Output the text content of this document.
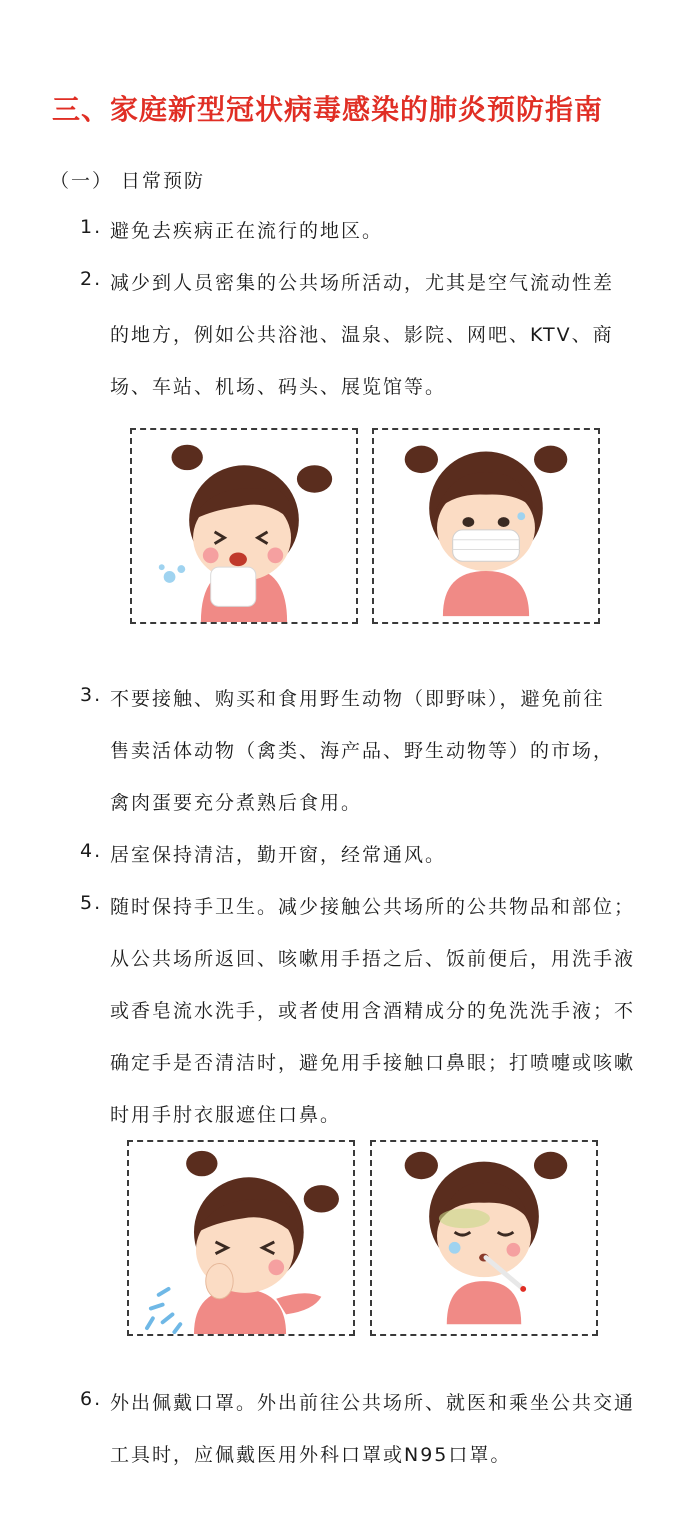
三、家庭新型冠状病毒感染的肺炎预防指南
（一） 日常预防
1. 避免去疾病正在流行的地区。
2. 减少到人员密集的公共场所活动，尤其是空气流动性差
的地方，例如公共浴池、温泉、影院、网吧、KTV、商
场、车站、机场、码头、展览馆等。
3. 不要接触、购买和食用野生动物（即野味），避免前往
售卖活体动物（禽类、海产品、野生动物等）的市场，
禽肉蛋要充分煮熟后食用。
4. 居室保持清洁，勤开窗，经常通风。
5. 随时保持手卫生。减少接触公共场所的公共物品和部位；
从公共场所返回、咳嗽用手捂之后、饭前便后，用洗手液
或香皂流水洗手，或者使用含酒精成分的免洗洗手液；不
确定手是否清洁时，避免用手接触口鼻眼；打喷嚏或咳嗽
时用手肘衣服遮住口鼻。
6. 外出佩戴口罩。外出前往公共场所、就医和乘坐公共交通
工具时，应佩戴医用外科口罩或N95口罩。
